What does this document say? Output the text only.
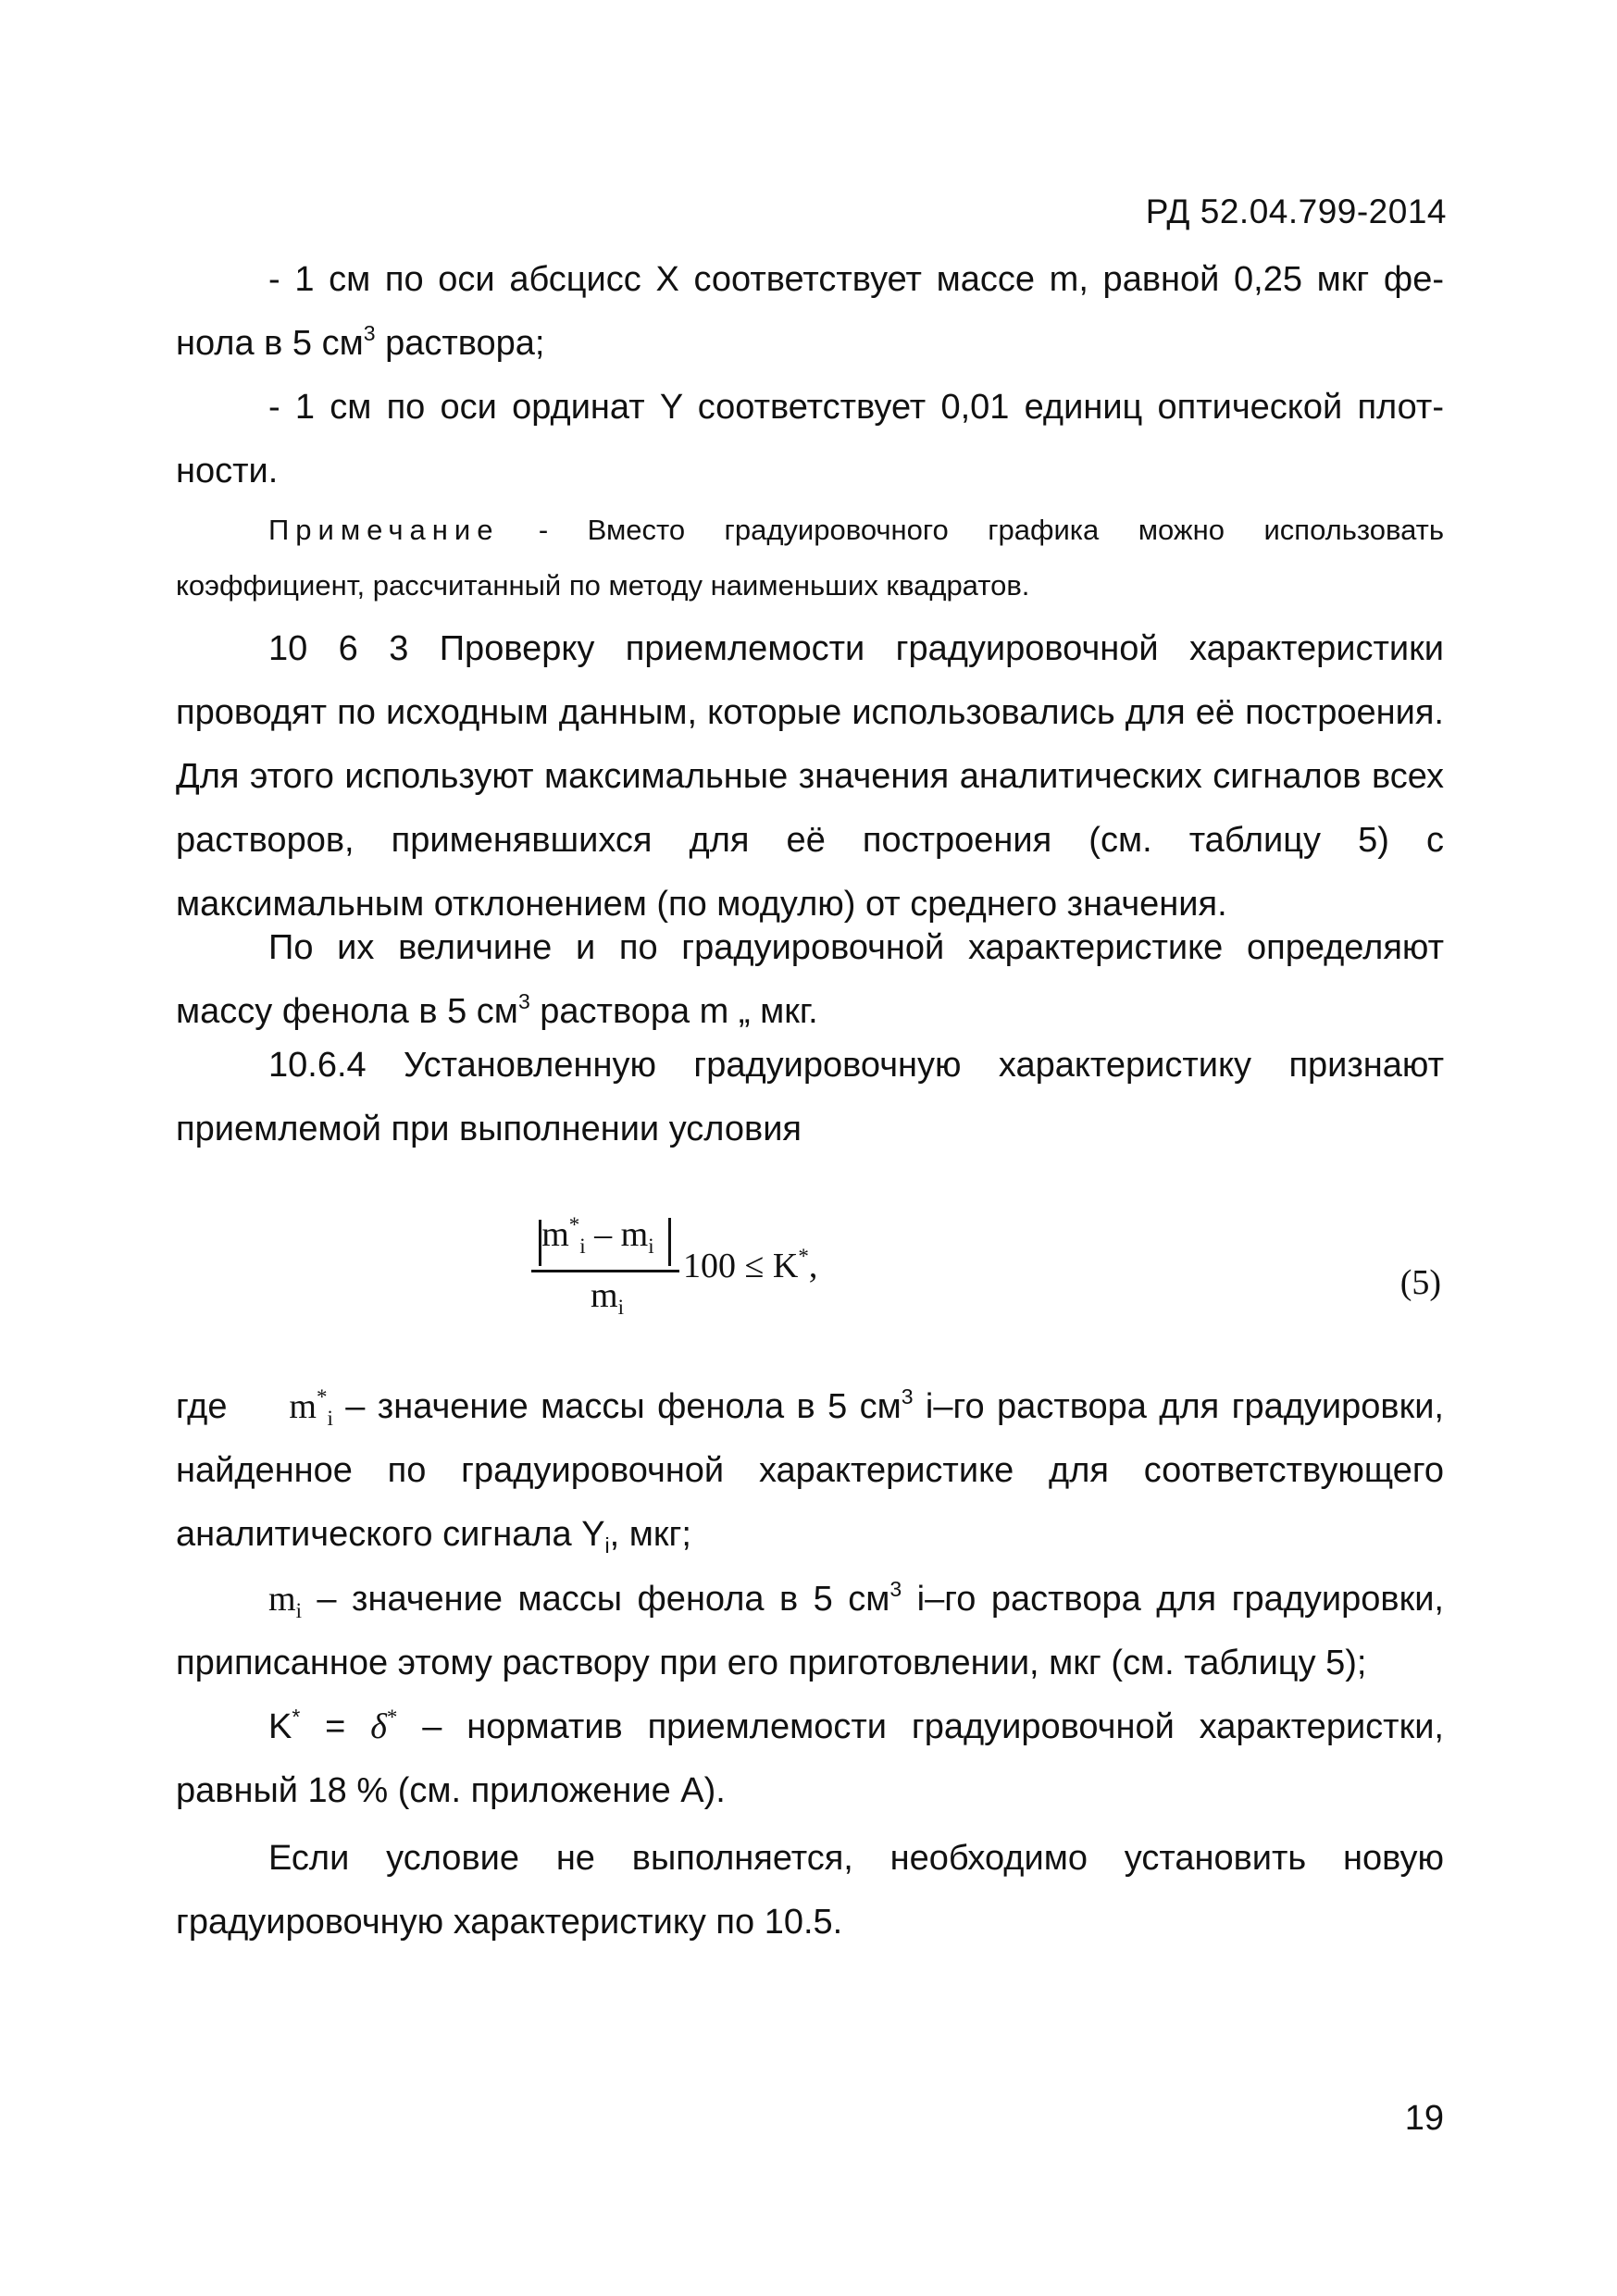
РД 52.04.799-2014

- 1 см по оси абсцисс X соответствует массе m, равной 0,25 мкг фе-

нола в 5 $см^3$ раствора;

- 1 см по оси ординат Y соответствует 0,01 единиц оптической плот-

ности.

Примечание - Вместо градуировочного графика можно использовать коэффициент, рассчитанный по методу наименьших квадратов.

10 6 3 Проверку приемлемости градуировочной характеристики проводят по исходным данным, которые использовались для её построения. Для этого используют максимальные значения аналитических сигналов всех растворов, применявшихся для её построения (см. таблицу 5) с максимальным отклонением (по модулю) от среднего значения.

По их величине и по градуировочной характеристике определяют

массу фенола в 5 $см^3$ раствора m „ мкг.

10.6.4 Установленную градуировочную характеристику признают

приемлемой при выполнении условия

 $m^*_i - m_i$
$m_i$
100 ≤ K*,	(5)

где $m^*_i$ – значение массы фенола в 5 $см^3$ i–го раствора для градуировки, найденное по градуировочной характеристике для соответствующего аналитического сигнала $Y_i$, мкг;

$m_i$ – значение массы фенола в 5 $см^3$ i–го раствора для градуировки, приписанное этому раствору при его приготовлении, мкг (см. таблицу 5);

K* = δ* – норматив приемлемости градуировочной характеристки, равный 18 % (см. приложение А).

Если условие не выполняется, необходимо установить новую градуировочную характеристику по 10.5.

19
